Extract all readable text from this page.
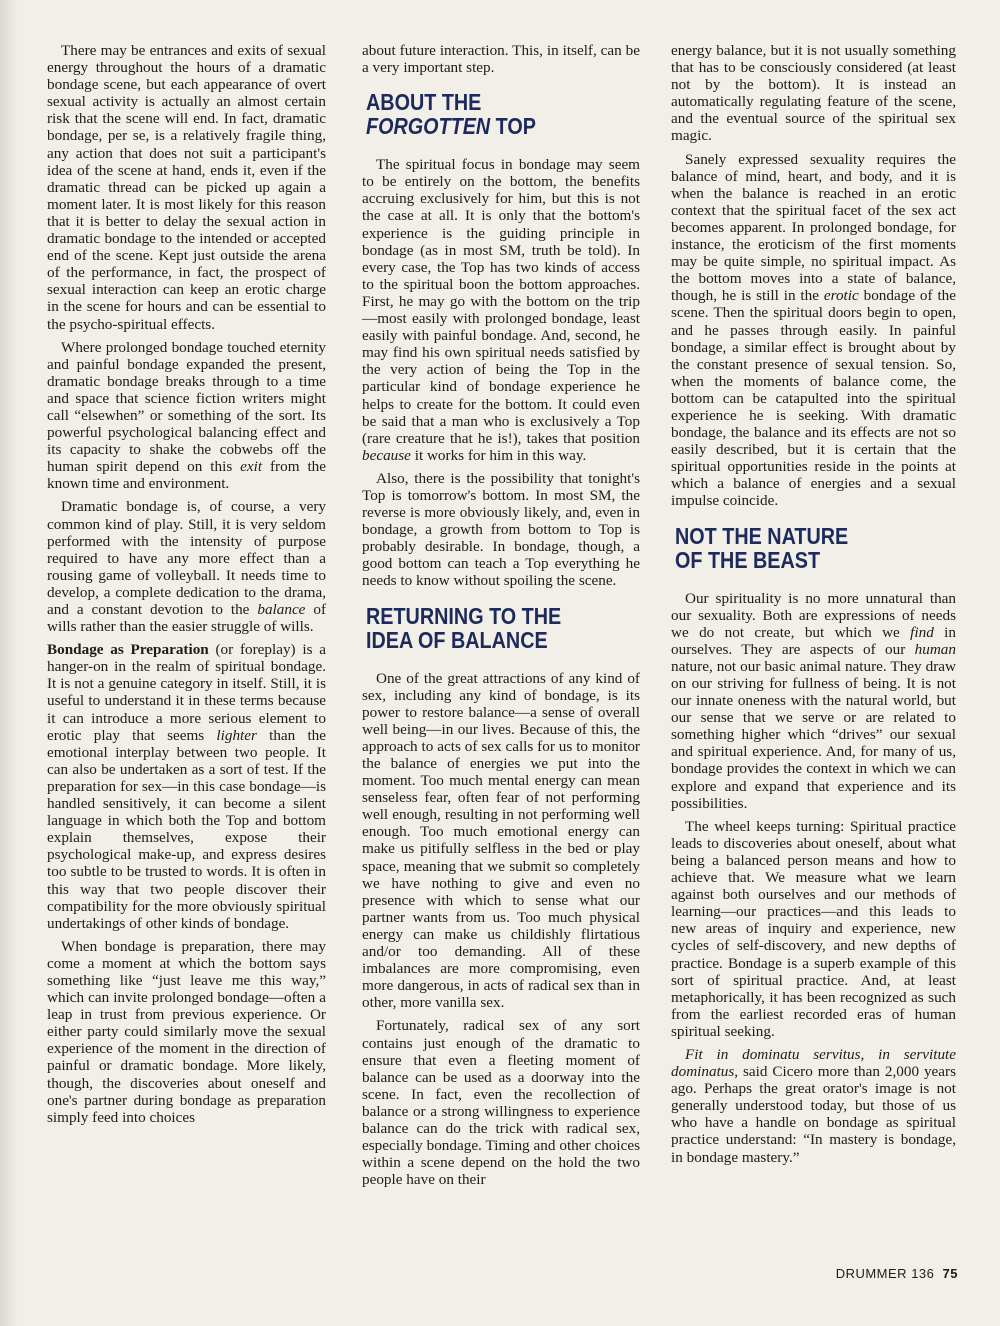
There may be entrances and exits of sexual energy throughout the hours of a dramatic bondage scene, but each appearance of overt sexual activity is actually an almost certain risk that the scene will end. In fact, dramatic bondage, per se, is a relatively fragile thing, any action that does not suit a participant's idea of the scene at hand, ends it, even if the dramatic thread can be picked up again a moment later. It is most likely for this reason that it is better to delay the sexual action in dramatic bondage to the intended or accepted end of the scene. Kept just outside the arena of the performance, in fact, the prospect of sexual interaction can keep an erotic charge in the scene for hours and can be essential to the psycho-spiritual effects.

Where prolonged bondage touched eternity and painful bondage expanded the present, dramatic bondage breaks through to a time and space that science fiction writers might call “elsewhen” or something of the sort. Its powerful psychological balancing effect and its capacity to shake the cobwebs off the human spirit depend on this exit from the known time and environment.

Dramatic bondage is, of course, a very common kind of play. Still, it is very seldom performed with the intensity of purpose required to have any more effect than a rousing game of volleyball. It needs time to develop, a complete dedication to the drama, and a constant devotion to the balance of wills rather than the easier struggle of wills.

Bondage as Preparation (or foreplay) is a hanger-on in the realm of spiritual bondage. It is not a genuine category in itself. Still, it is useful to understand it in these terms because it can introduce a more serious element to erotic play that seems lighter than the emotional interplay between two people. It can also be undertaken as a sort of test. If the preparation for sex—in this case bondage—is handled sensitively, it can become a silent language in which both the Top and bottom explain themselves, expose their psychological make-up, and express desires too subtle to be trusted to words. It is often in this way that two people discover their compatibility for the more obviously spiritual undertakings of other kinds of bondage.

When bondage is preparation, there may come a moment at which the bottom says something like “just leave me this way,” which can invite prolonged bondage—often a leap in trust from previous experience. Or either party could similarly move the sexual experience of the moment in the direction of painful or dramatic bondage. More likely, though, the discoveries about oneself and one's partner during bondage as preparation simply feed into choices

about future interaction. This, in itself, can be a very important step.

ABOUT THE
FORGOTTEN TOP

The spiritual focus in bondage may seem to be entirely on the bottom, the benefits accruing exclusively for him, but this is not the case at all. It is only that the bottom's experience is the guiding principle in bondage (as in most SM, truth be told). In every case, the Top has two kinds of access to the spiritual boon the bottom approaches. First, he may go with the bottom on the trip—most easily with prolonged bondage, least easily with painful bondage. And, second, he may find his own spiritual needs satisfied by the very action of being the Top in the particular kind of bondage experience he helps to create for the bottom. It could even be said that a man who is exclusively a Top (rare creature that he is!), takes that position because it works for him in this way.

Also, there is the possibility that tonight's Top is tomorrow's bottom. In most SM, the reverse is more obviously likely, and, even in bondage, a growth from bottom to Top is probably desirable. In bondage, though, a good bottom can teach a Top everything he needs to know without spoiling the scene.

RETURNING TO THE
IDEA OF BALANCE

One of the great attractions of any kind of sex, including any kind of bondage, is its power to restore balance—a sense of overall well being—in our lives. Because of this, the approach to acts of sex calls for us to monitor the balance of energies we put into the moment. Too much mental energy can mean senseless fear, often fear of not performing well enough, resulting in not performing well enough. Too much emotional energy can make us pitifully selfless in the bed or play space, meaning that we submit so completely we have nothing to give and even no presence with which to sense what our partner wants from us. Too much physical energy can make us childishly flirtatious and/or too demanding. All of these imbalances are more compromising, even more dangerous, in acts of radical sex than in other, more vanilla sex.

Fortunately, radical sex of any sort contains just enough of the dramatic to ensure that even a fleeting moment of balance can be used as a doorway into the scene. In fact, even the recollection of balance or a strong willingness to experience balance can do the trick with radical sex, especially bondage. Timing and other choices within a scene depend on the hold the two people have on their

energy balance, but it is not usually something that has to be consciously considered (at least not by the bottom). It is instead an automatically regulating feature of the scene, and the eventual source of the spiritual sex magic.

Sanely expressed sexuality requires the balance of mind, heart, and body, and it is when the balance is reached in an erotic context that the spiritual facet of the sex act becomes apparent. In prolonged bondage, for instance, the eroticism of the first moments may be quite simple, no spiritual impact. As the bottom moves into a state of balance, though, he is still in the erotic bondage of the scene. Then the spiritual doors begin to open, and he passes through easily. In painful bondage, a similar effect is brought about by the constant presence of sexual tension. So, when the moments of balance come, the bottom can be catapulted into the spiritual experience he is seeking. With dramatic bondage, the balance and its effects are not so easily described, but it is certain that the spiritual opportunities reside in the points at which a balance of energies and a sexual impulse coincide.

NOT THE NATURE
OF THE BEAST

Our spirituality is no more unnatural than our sexuality. Both are expressions of needs we do not create, but which we find in ourselves. They are aspects of our human nature, not our basic animal nature. They draw on our striving for fullness of being. It is not our innate oneness with the natural world, but our sense that we serve or are related to something higher which “drives” our sexual and spiritual experience. And, for many of us, bondage provides the context in which we can explore and expand that experience and its possibilities.

The wheel keeps turning: Spiritual practice leads to discoveries about oneself, about what being a balanced person means and how to achieve that. We measure what we learn against both ourselves and our methods of learning—our practices—and this leads to new areas of inquiry and experience, new cycles of self-discovery, and new depths of practice. Bondage is a superb example of this sort of spiritual practice. And, at least metaphorically, it has been recognized as such from the earliest recorded eras of human spiritual seeking.

Fit in dominatu servitus, in servitute dominatus, said Cicero more than 2,000 years ago. Perhaps the great orator's image is not generally understood today, but those of us who have a handle on bondage as spiritual practice understand: “In mastery is bondage, in bondage mastery.”

DRUMMER 136 75
